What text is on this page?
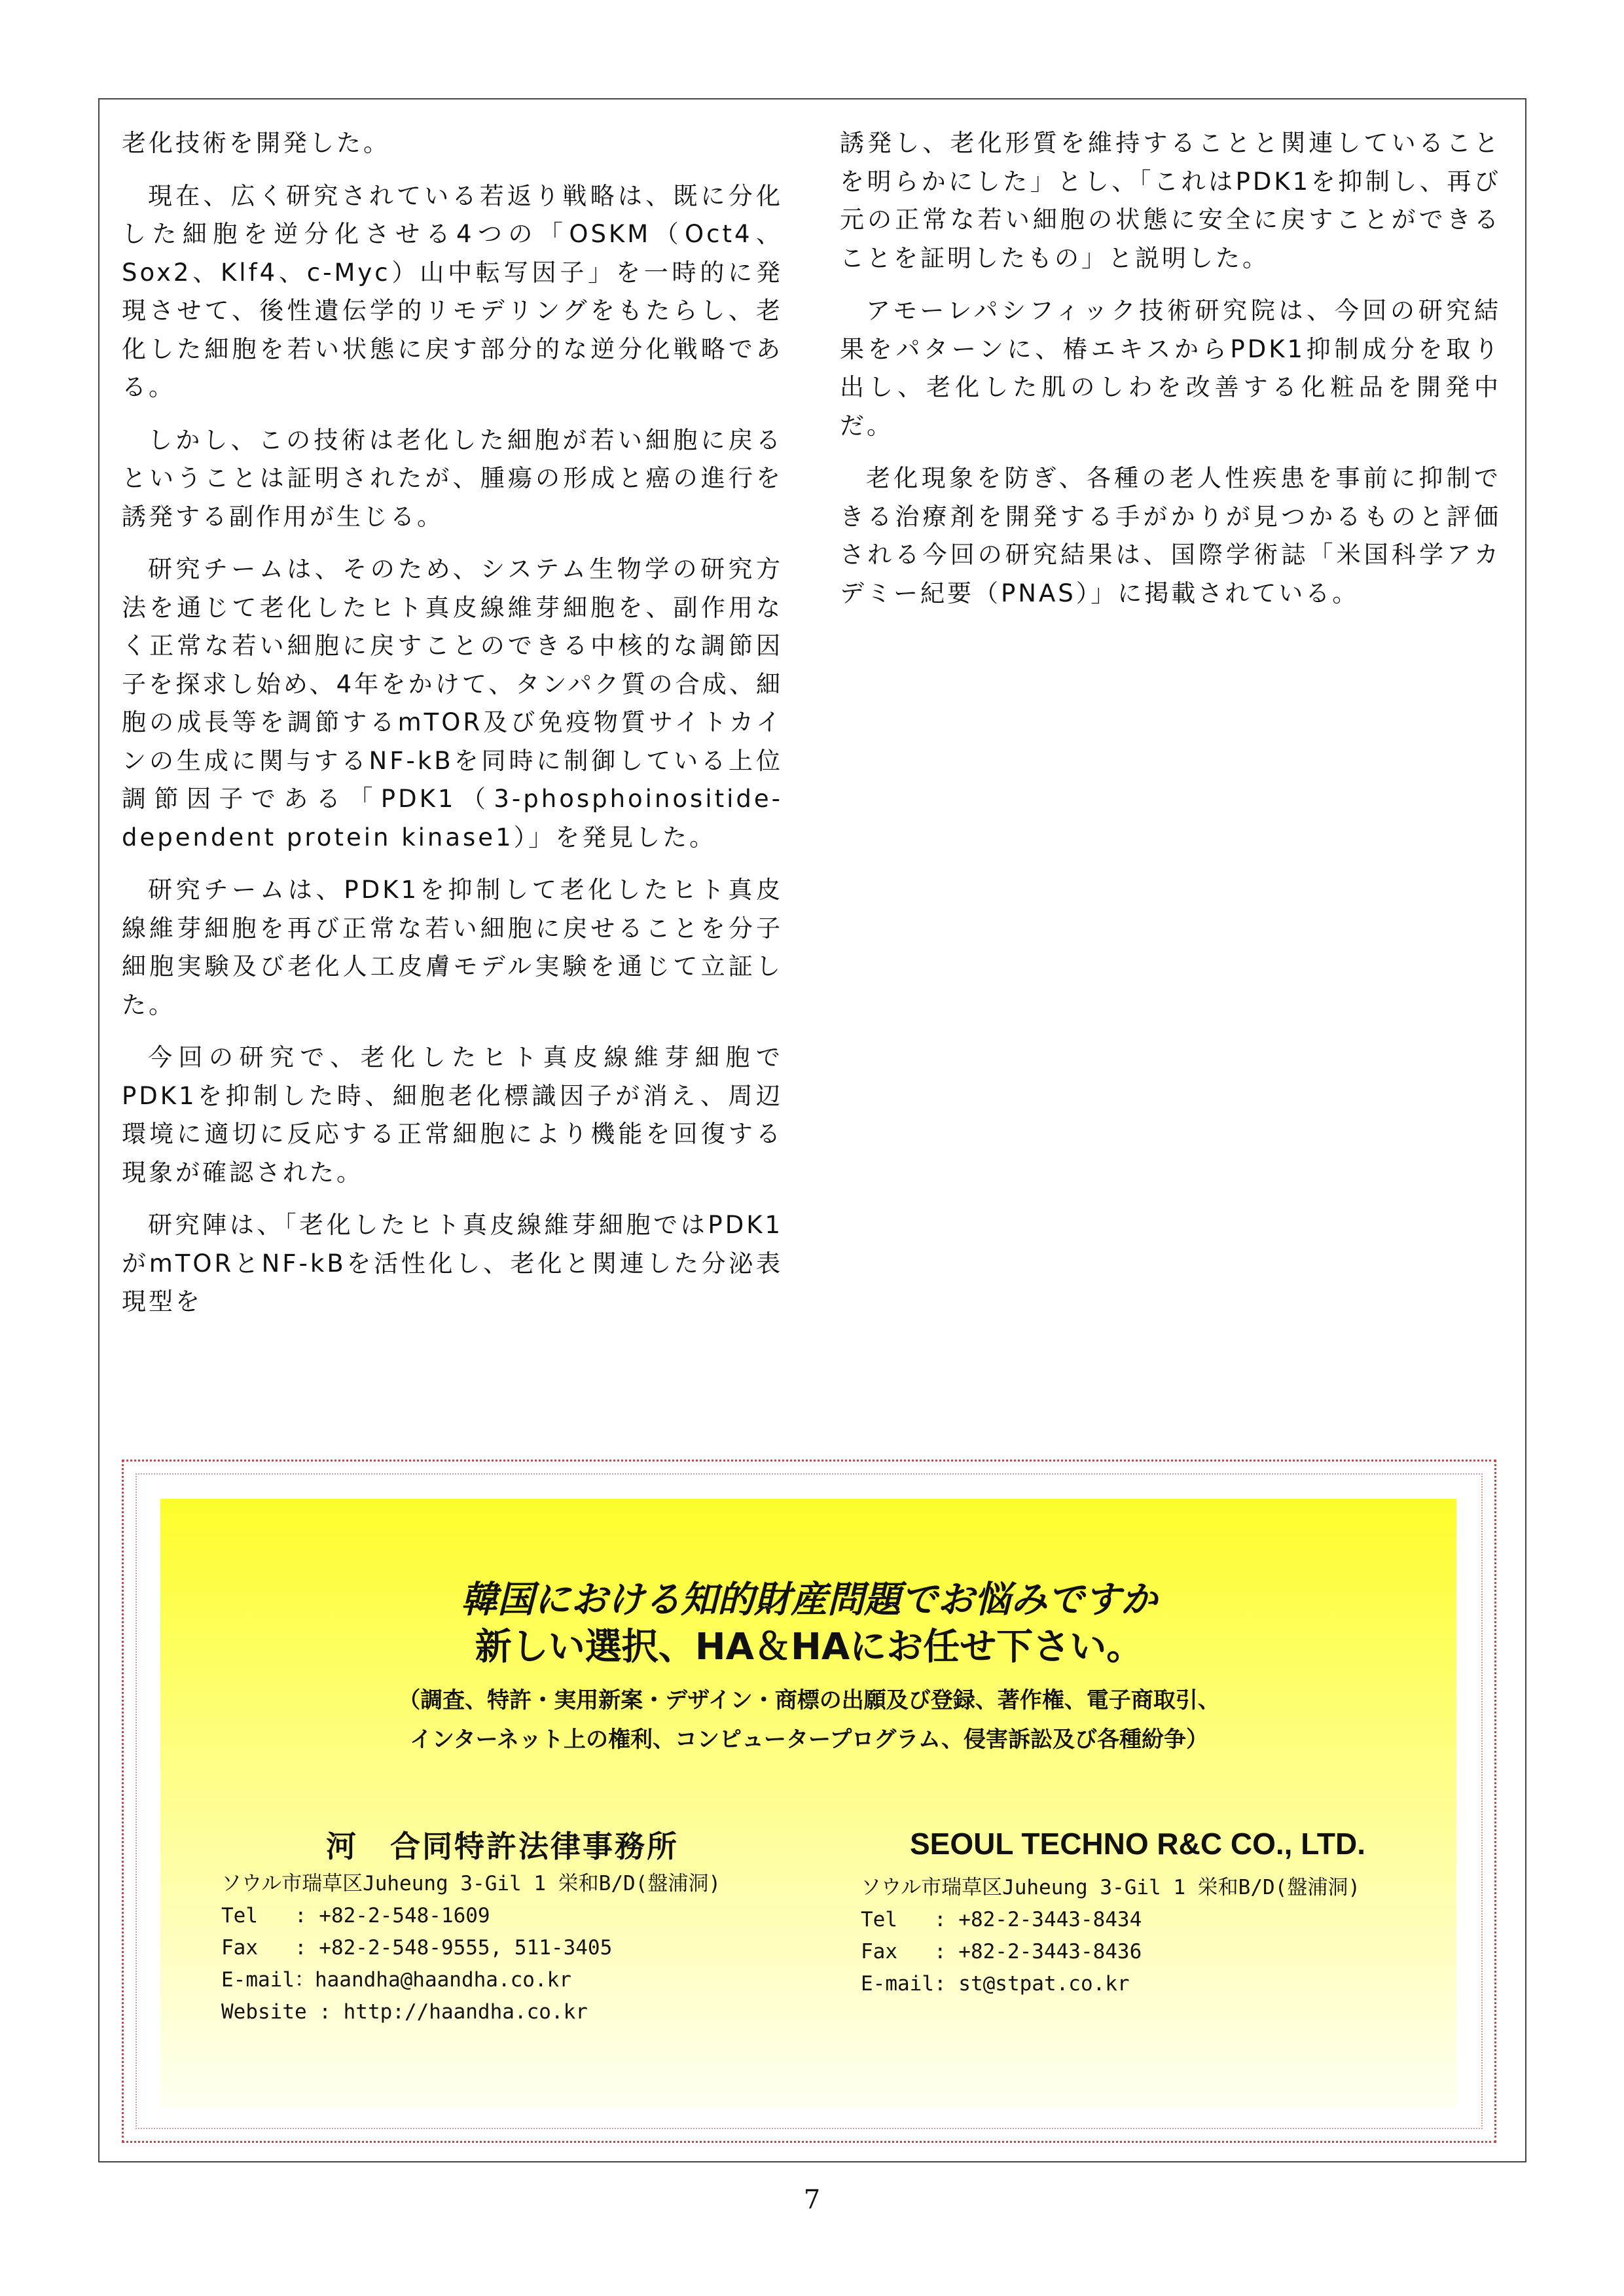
老化技術を開発した。

現在、広く研究されている若返り戦略は、既に分化した細胞を逆分化させる4つの「OSKM（Oct4、Sox2、Klf4、c-Myc）山中転写因子」を一時的に発現させて、後性遺伝学的リモデリングをもたらし、老化した細胞を若い状態に戻す部分的な逆分化戦略である。

しかし、この技術は老化した細胞が若い細胞に戻るということは証明されたが、腫瘍の形成と癌の進行を誘発する副作用が生じる。

研究チームは、そのため、システム生物学の研究方法を通じて老化したヒト真皮線維芽細胞を、副作用なく正常な若い細胞に戻すことのできる中核的な調節因子を探求し始め、4年をかけて、タンパク質の合成、細胞の成長等を調節するmTOR及び免疫物質サイトカインの生成に関与するNF-kBを同時に制御している上位調節因子である「PDK1（3-phosphoinositide-dependent protein kinase1）」を発見した。

研究チームは、PDK1を抑制して老化したヒト真皮線維芽細胞を再び正常な若い細胞に戻せることを分子細胞実験及び老化人工皮膚モデル実験を通じて立証した。

今回の研究で、老化したヒト真皮線維芽細胞でPDK1を抑制した時、細胞老化標識因子が消え、周辺環境に適切に反応する正常細胞により機能を回復する現象が確認された。

研究陣は、「老化したヒト真皮線維芽細胞ではPDK1がmTORとNF-kBを活性化し、老化と関連した分泌表現型を

誘発し、老化形質を維持することと関連していることを明らかにした」とし、「これはPDK1を抑制し、再び元の正常な若い細胞の状態に安全に戻すことができることを証明したもの」と説明した。

アモーレパシフィック技術研究院は、今回の研究結果をパターンに、椿エキスからPDK1抑制成分を取り出し、老化した肌のしわを改善する化粧品を開発中だ。

老化現象を防ぎ、各種の老人性疾患を事前に抑制できる治療剤を開発する手がかりが見つかるものと評価される今回の研究結果は、国際学術誌「米国科学アカデミー紀要（PNAS）」に掲載されている。

韓国における知的財産問題でお悩みですか
新しい選択、HA＆HAにお任せ下さい。
（調査、特許・実用新案・デザイン・商標の出願及び登録、著作権、電子商取引、
インターネット上の権利、コンピュータープログラム、侵害訴訟及び各種紛争）
河　合同特許法律事務所
ソウル市瑞草区Juheung 3-Gil 1 栄和B/D(盤浦洞)
Tel   : +82-2-548-1609
Fax   : +82-2-548-9555, 511-3405
E-mail：haandha@haandha.co.kr
Website : http://haandha.co.kr
SEOUL TECHNO R&C CO., LTD.
ソウル市瑞草区Juheung 3-Gil 1 栄和B/D(盤浦洞)
Tel   : +82-2-3443-8434
Fax   : +82-2-3443-8436
E-mail: st@stpat.co.kr
7
